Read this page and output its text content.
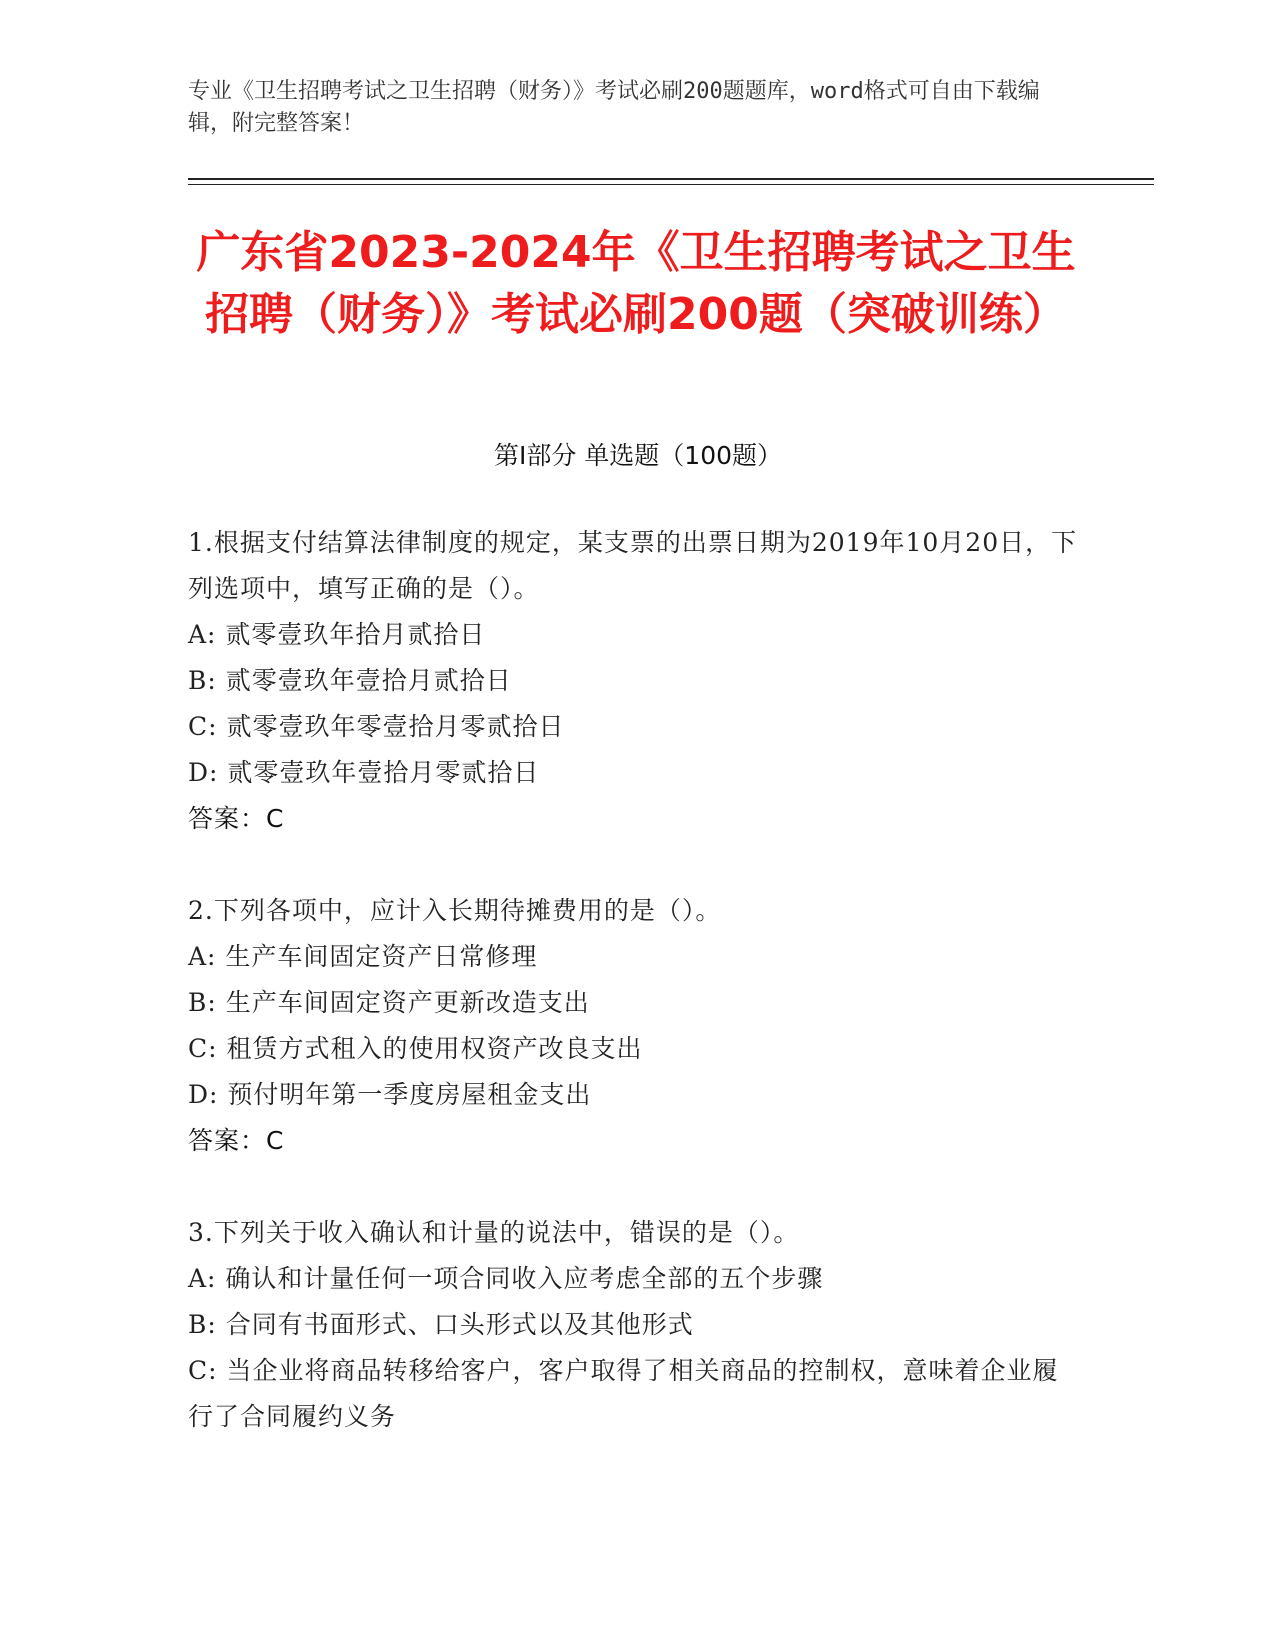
专业《卫生招聘考试之卫生招聘（财务）》考试必刷200题题库，word格式可自由下载编辑，附完整答案！
广东省2023-2024年《卫生招聘考试之卫生招聘（财务）》考试必刷200题（突破训练）
第I部分 单选题（100题）

1.根据支付结算法律制度的规定，某支票的出票日期为2019年10月20日，下列选项中，填写正确的是（）。

A: 贰零壹玖年拾月贰拾日

B: 贰零壹玖年壹拾月贰拾日

C: 贰零壹玖年零壹拾月零贰拾日

D: 贰零壹玖年壹拾月零贰拾日

答案：C

2.下列各项中，应计入长期待摊费用的是（）。

A: 生产车间固定资产日常修理

B: 生产车间固定资产更新改造支出

C: 租赁方式租入的使用权资产改良支出

D: 预付明年第一季度房屋租金支出

答案：C

3.下列关于收入确认和计量的说法中，错误的是（）。

A: 确认和计量任何一项合同收入应考虑全部的五个步骤

B: 合同有书面形式、口头形式以及其他形式

C: 当企业将商品转移给客户，客户取得了相关商品的控制权，意味着企业履行了合同履约义务
